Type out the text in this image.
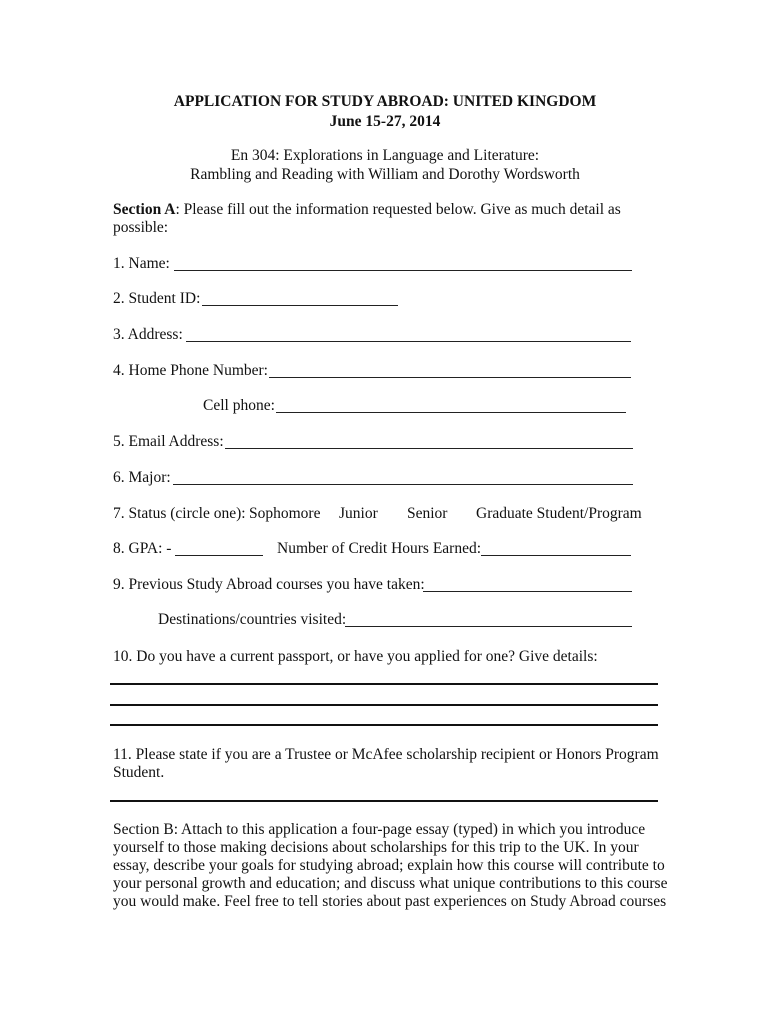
APPLICATION FOR STUDY ABROAD: UNITED KINGDOM
June 15-27, 2014
En 304: Explorations in Language and Literature:
Rambling and Reading with William and Dorothy Wordsworth
Section A: Please fill out the information requested below. Give as much detail as
possible:
1. Name:
2. Student ID:
3. Address:
4. Home Phone Number:
Cell phone:
5. Email Address:
6. Major:
7. Status (circle one): Sophomore Junior Senior Graduate Student/Program
8. GPA: -	Number of Credit Hours Earned:
9. Previous Study Abroad courses you have taken:
Destinations/countries visited:
10. Do you have a current passport, or have you applied for one? Give details:
11. Please state if you are a Trustee or McAfee scholarship recipient or Honors Program
Student.
Section B: Attach to this application a four-page essay (typed) in which you introduce yourself to those making decisions about scholarships for this trip to the UK. In your essay, describe your goals for studying abroad; explain how this course will contribute to your personal growth and education; and discuss what unique contributions to this course you would make. Feel free to tell stories about past experiences on Study Abroad courses
